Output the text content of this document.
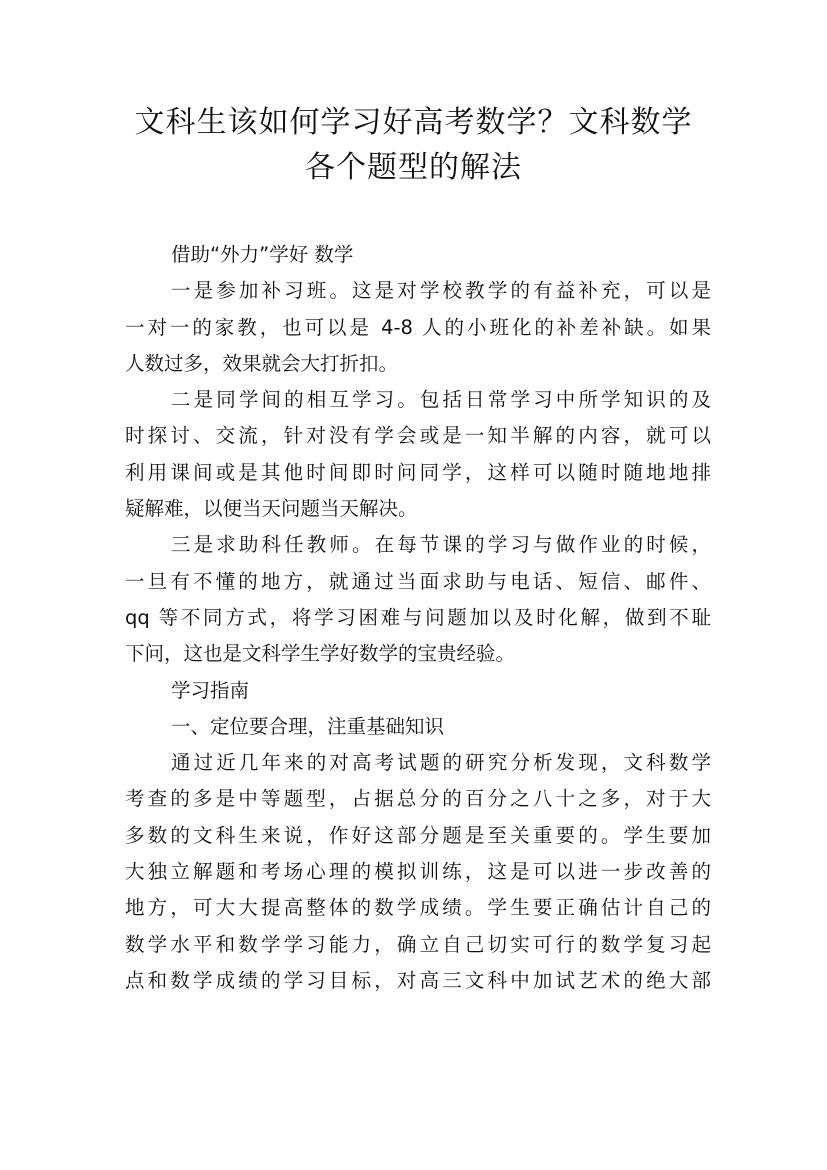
文科生该如何学习好高考数学？文科数学
各个题型的解法
借助“外力”学好 数学
一是参加补习班。这是对学校教学的有益补充，可以是
一对一的家教，也可以是 4-8 人的小班化的补差补缺。如果
人数过多，效果就会大打折扣。
二是同学间的相互学习。包括日常学习中所学知识的及
时探讨、交流，针对没有学会或是一知半解的内容，就可以
利用课间或是其他时间即时问同学，这样可以随时随地地排
疑解难，以便当天问题当天解决。
三是求助科任教师。在每节课的学习与做作业的时候，
一旦有不懂的地方，就通过当面求助与电话、短信、邮件、
qq 等不同方式，将学习困难与问题加以及时化解，做到不耻
下问，这也是文科学生学好数学的宝贵经验。
学习指南
一、定位要合理，注重基础知识
通过近几年来的对高考试题的研究分析发现，文科数学
考查的多是中等题型，占据总分的百分之八十之多，对于大
多数的文科生来说，作好这部分题是至关重要的。学生要加
大独立解题和考场心理的模拟训练，这是可以进一步改善的
地方，可大大提高整体的数学成绩。学生要正确估计自己的
数学水平和数学学习能力，确立自己切实可行的数学复习起
点和数学成绩的学习目标，对高三文科中加试艺术的绝大部
